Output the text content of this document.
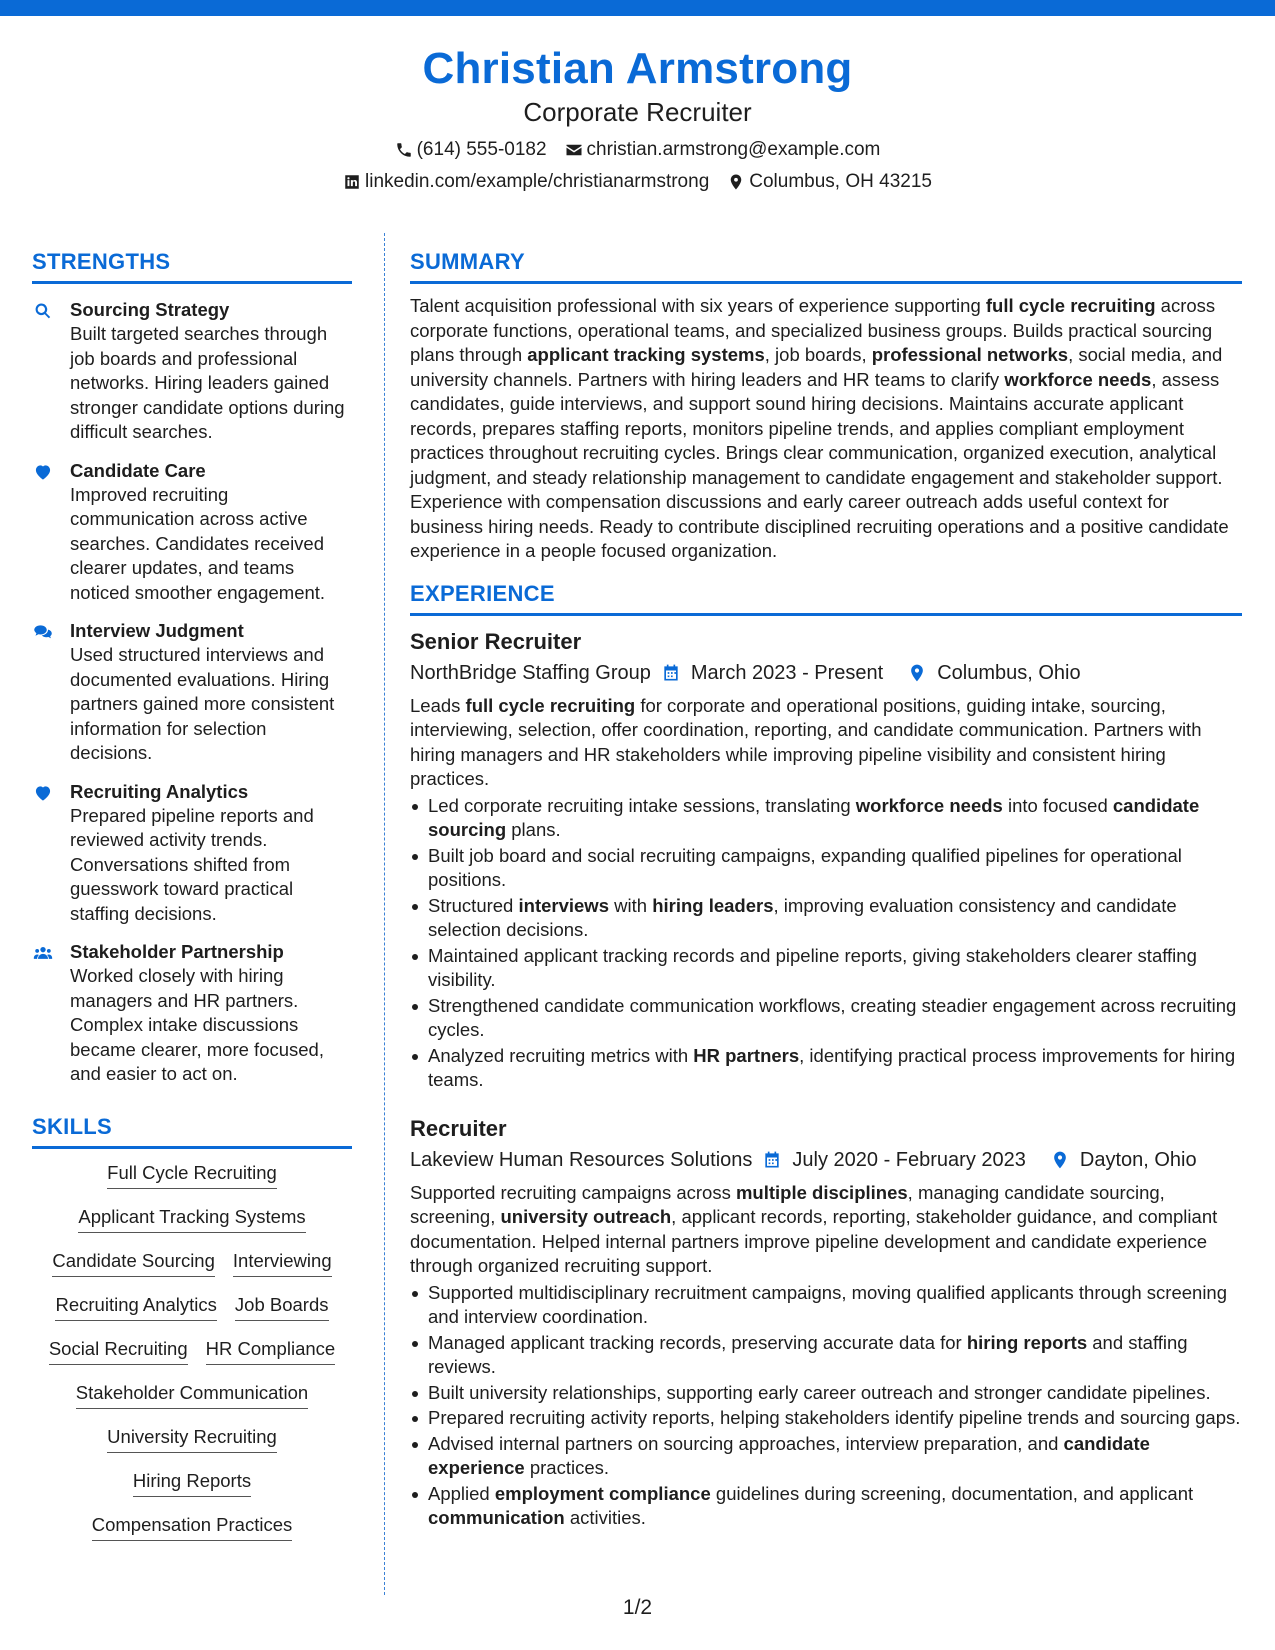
Christian Armstrong
Corporate Recruiter
(614) 555-0182 christian.armstrong@example.com
linkedin.com/example/christianarmstrong Columbus, OH 43215
STRENGTHS
Sourcing Strategy
Built targeted searches through job boards and professional networks. Hiring leaders gained stronger candidate options during difficult searches.
Candidate Care
Improved recruiting communication across active searches. Candidates received clearer updates, and teams noticed smoother engagement.
Interview Judgment
Used structured interviews and documented evaluations. Hiring partners gained more consistent information for selection decisions.
Recruiting Analytics
Prepared pipeline reports and reviewed activity trends. Conversations shifted from guesswork toward practical staffing decisions.
Stakeholder Partnership
Worked closely with hiring managers and HR partners. Complex intake discussions became clearer, more focused, and easier to act on.
SKILLS
Full Cycle Recruiting
Applicant Tracking Systems
Candidate Sourcing Interviewing
Recruiting Analytics Job Boards
Social Recruiting HR Compliance
Stakeholder Communication
University Recruiting
Hiring Reports
Compensation Practices
SUMMARY

Talent acquisition professional with six years of experience supporting full cycle recruiting across corporate functions, operational teams, and specialized business groups. Builds practical sourcing plans through applicant tracking systems, job boards, professional networks, social media, and university channels. Partners with hiring leaders and HR teams to clarify workforce needs, assess candidates, guide interviews, and support sound hiring decisions. Maintains accurate applicant records, prepares staffing reports, monitors pipeline trends, and applies compliant employment practices throughout recruiting cycles. Brings clear communication, organized execution, analytical judgment, and steady relationship management to candidate engagement and stakeholder support. Experience with compensation discussions and early career outreach adds useful context for business hiring needs. Ready to contribute disciplined recruiting operations and a positive candidate experience in a people focused organization.

EXPERIENCE
Senior Recruiter
NorthBridge Staffing Group March 2023 - Present	Columbus, Ohio

Leads full cycle recruiting for corporate and operational positions, guiding intake, sourcing, interviewing, selection, offer coordination, reporting, and candidate communication. Partners with hiring managers and HR stakeholders while improving pipeline visibility and consistent hiring practices.

Led corporate recruiting intake sessions, translating workforce needs into focused candidate sourcing plans.
Built job board and social recruiting campaigns, expanding qualified pipelines for operational positions.
Structured interviews with hiring leaders, improving evaluation consistency and candidate selection decisions.
Maintained applicant tracking records and pipeline reports, giving stakeholders clearer staffing visibility.
Strengthened candidate communication workflows, creating steadier engagement across recruiting cycles.
Analyzed recruiting metrics with HR partners, identifying practical process improvements for hiring teams.
Recruiter
Lakeview Human Resources Solutions July 2020 - February 2023	Dayton, Ohio

Supported recruiting campaigns across multiple disciplines, managing candidate sourcing, screening, university outreach, applicant records, reporting, stakeholder guidance, and compliant documentation. Helped internal partners improve pipeline development and candidate experience through organized recruiting support.

Supported multidisciplinary recruitment campaigns, moving qualified applicants through screening and interview coordination.
Managed applicant tracking records, preserving accurate data for hiring reports and staffing reviews.
Built university relationships, supporting early career outreach and stronger candidate pipelines.
Prepared recruiting activity reports, helping stakeholders identify pipeline trends and sourcing gaps.
Advised internal partners on sourcing approaches, interview preparation, and candidate experience practices.
Applied employment compliance guidelines during screening, documentation, and applicant communication activities.
1/2
